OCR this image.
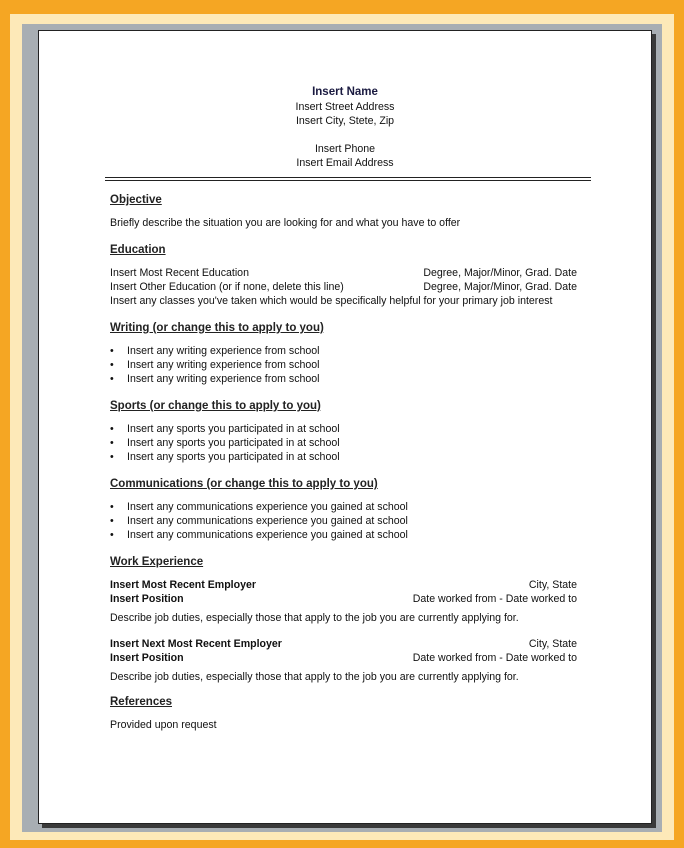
Insert Name
Insert Street Address
Insert City, Stete, Zip
Insert Phone
Insert Email Address
Objective
Briefly describe the situation you are looking for and what you have to offer
Education
Insert Most Recent Education	Degree, Major/Minor, Grad. Date
Insert Other Education (or if none, delete this line)	Degree, Major/Minor, Grad. Date
Insert any classes you've taken which would be specifically helpful for your primary job interest
Writing (or change this to apply to you)
• Insert any writing experience from school
• Insert any writing experience from school
• Insert any writing experience from school
Sports (or change this to apply to you)
• Insert any sports you participated in at school
• Insert any sports you participated in at school
• Insert any sports you participated in at school
Communications (or change this to apply to you)
• Insert any communications experience you gained at school
• Insert any communications experience you gained at school
• Insert any communications experience you gained at school
Work Experience
Insert Most Recent Employer	City, State
Insert Position	Date worked from - Date worked to
Describe job duties, especially those that apply to the job you are currently applying for.
Insert Next Most Recent Employer	City, State
Insert Position	Date worked from - Date worked to
Describe job duties, especially those that apply to the job you are currently applying for.
References
Provided upon request
